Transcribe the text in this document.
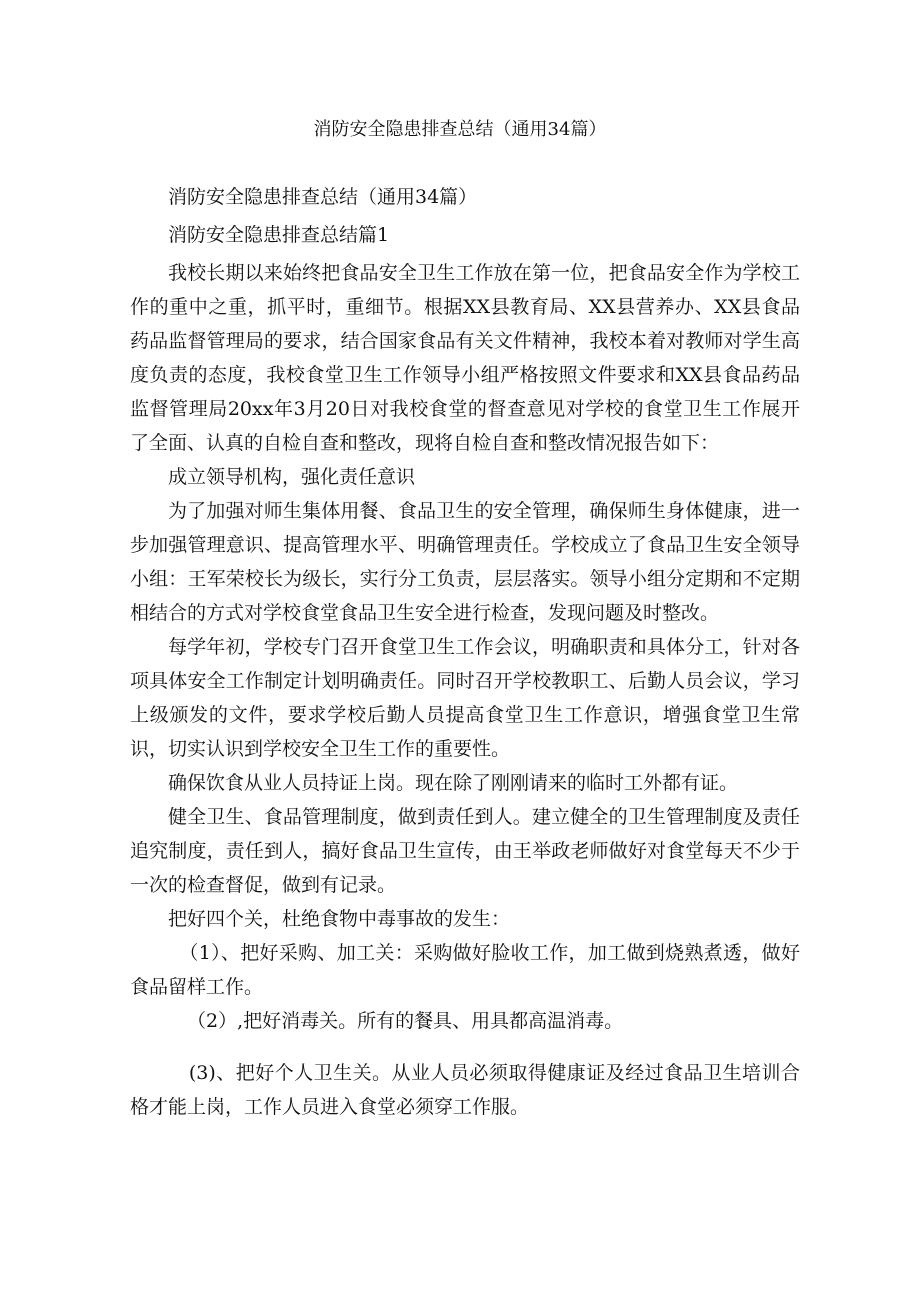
消防安全隐患排查总结（通用34篇）

消防安全隐患排查总结（通用34篇）

消防安全隐患排查总结篇1

我校长期以来始终把食品安全卫生工作放在第一位，把食品安全作为学校工作的重中之重，抓平时，重细节。根据XX县教育局、XX县营养办、XX县食品药品监督管理局的要求，结合国家食品有关文件精神，我校本着对教师对学生高度负责的态度，我校食堂卫生工作领导小组严格按照文件要求和XX县食品药品监督管理局20xx年3月20日对我校食堂的督查意见对学校的食堂卫生工作展开了全面、认真的自检自查和整改，现将自检自查和整改情况报告如下：

成立领导机构，强化责任意识

为了加强对师生集体用餐、食品卫生的安全管理，确保师生身体健康，进一步加强管理意识、提高管理水平、明确管理责任。学校成立了食品卫生安全领导小组：王军荣校长为级长，实行分工负责，层层落实。领导小组分定期和不定期相结合的方式对学校食堂食品卫生安全进行检查，发现问题及时整改。

每学年初，学校专门召开食堂卫生工作会议，明确职责和具体分工，针对各项具体安全工作制定计划明确责任。同时召开学校教职工、后勤人员会议，学习上级颁发的文件，要求学校后勤人员提高食堂卫生工作意识，增强食堂卫生常识，切实认识到学校安全卫生工作的重要性。

确保饮食从业人员持证上岗。现在除了刚刚请来的临时工外都有证。

健全卫生、食品管理制度，做到责任到人。建立健全的卫生管理制度及责任追究制度，责任到人，搞好食品卫生宣传，由王举政老师做好对食堂每天不少于一次的检查督促，做到有记录。

把好四个关，杜绝食物中毒事故的发生：

（1）、把好采购、加工关：采购做好脸收工作，加工做到烧熟煮透，做好食品留样工作。

（2）,把好消毒关。所有的餐具、用具都高温消毒。

(3)、把好个人卫生关。从业人员必须取得健康证及经过食品卫生培训合格才能上岗，工作人员进入食堂必须穿工作服。
